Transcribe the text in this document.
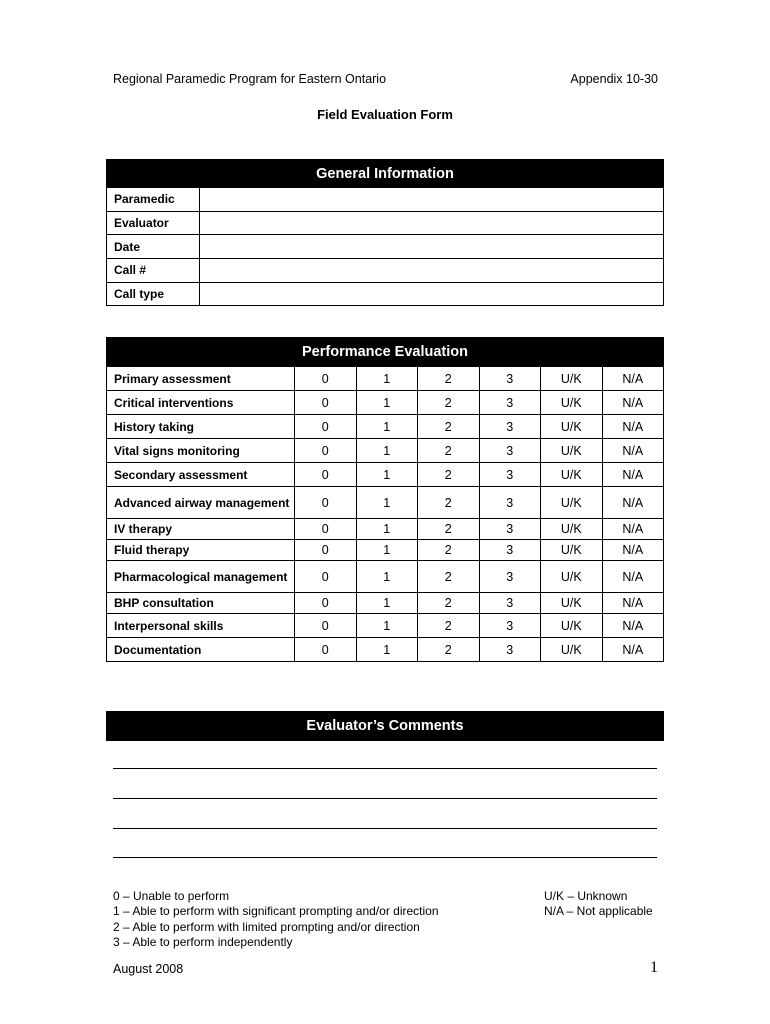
Regional Paramedic Program for Eastern Ontario	Appendix 10-30
Field Evaluation Form
General Information
Paramedic	
Evaluator	
Date	
Call #	
Call type	
Performance Evaluation
Primary assessment	0	1	2	3	U/K	N/A
Critical interventions	0	1	2	3	U/K	N/A
History taking	0	1	2	3	U/K	N/A
Vital signs monitoring	0	1	2	3	U/K	N/A
Secondary assessment	0	1	2	3	U/K	N/A
Advanced airway management	0	1	2	3	U/K	N/A
IV therapy	0	1	2	3	U/K	N/A
Fluid therapy	0	1	2	3	U/K	N/A
Pharmacological management	0	1	2	3	U/K	N/A
BHP consultation	0	1	2	3	U/K	N/A
Interpersonal skills	0	1	2	3	U/K	N/A
Documentation	0	1	2	3	U/K	N/A
Evaluator’s Comments
0 – Unable to perform
1 – Able to perform with significant prompting and/or direction
2 – Able to perform with limited prompting and/or direction
3 – Able to perform independently
U/K – Unknown
N/A – Not applicable
August 2008	1
